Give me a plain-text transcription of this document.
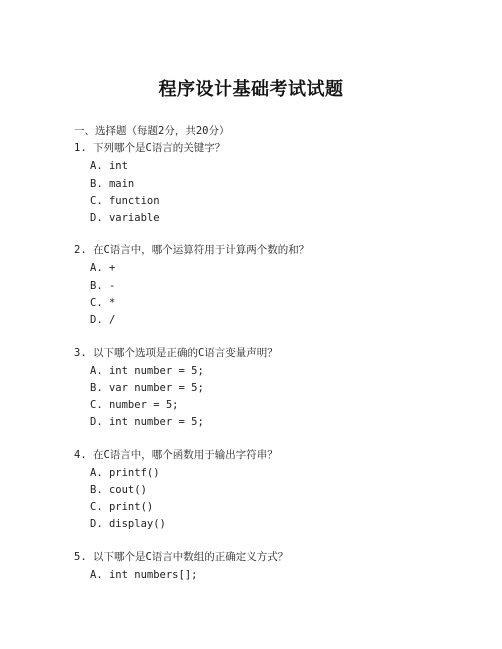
程序设计基础考试试题
一、选择题（每题2分，共20分）
1. 下列哪个是C语言的关键字？
A. int
B. main
C. function
D. variable
2. 在C语言中，哪个运算符用于计算两个数的和？
A. +
B. -
C. *
D. /
3. 以下哪个选项是正确的C语言变量声明？
A. int number = 5;
B. var number = 5;
C. number = 5;
D. int number = 5;
4. 在C语言中，哪个函数用于输出字符串？
A. printf()
B. cout()
C. print()
D. display()
5. 以下哪个是C语言中数组的正确定义方式？
A. int numbers[];
